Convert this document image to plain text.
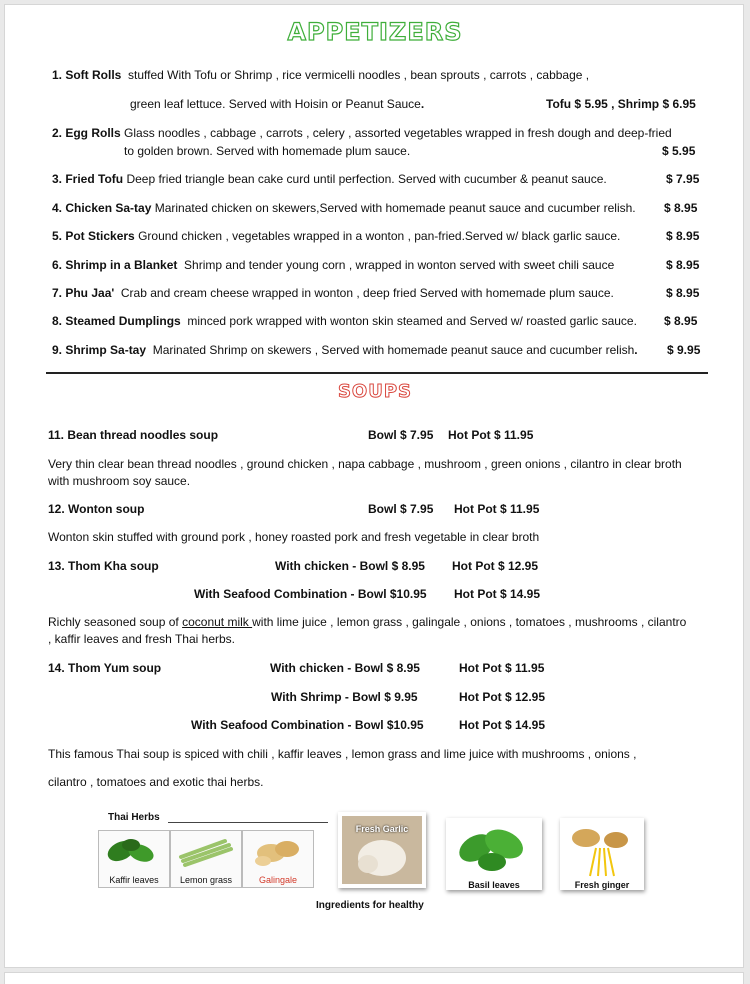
APPETIZERS
1. Soft Rolls stuffed With Tofu or Shrimp , rice vermicelli noodles , bean sprouts , carrots , cabbage ,
green leaf lettuce. Served with Hoisin or Peanut Sauce.	Tofu $ 5.95 , Shrimp $ 6.95
2. Egg Rolls Glass noodles , cabbage , carrots , celery , assorted vegetables wrapped in fresh dough and deep-fried
to golden brown. Served with homemade plum sauce.	$ 5.95
3. Fried Tofu Deep fried triangle bean cake curd until perfection. Served with cucumber & peanut sauce.	$ 7.95
4. Chicken Sa-tay Marinated chicken on skewers,Served with homemade peanut sauce and cucumber relish. $ 8.95
5. Pot Stickers Ground chicken , vegetables wrapped in a wonton , pan-fried.Served w/ black garlic sauce.	$ 8.95
6. Shrimp in a Blanket Shrimp and tender young corn , wrapped in wonton served with sweet chili sauce	$ 8.95
7. Phu Jaa' Crab and cream cheese wrapped in wonton , deep fried Served with homemade plum sauce.	$ 8.95
8. Steamed Dumplings minced pork wrapped with wonton skin steamed and Served w/ roasted garlic sauce. $ 8.95
9. Shrimp Sa-tay Marinated Shrimp on skewers , Served with homemade peanut sauce and cucumber relish. $ 9.95
SOUPS
11. Bean thread noodles soup	Bowl $ 7.95 Hot Pot $ 11.95
Very thin clear bean thread noodles , ground chicken , napa cabbage , mushroom , green onions , cilantro in clear broth with mushroom soy sauce.
12. Wonton soup	Bowl $ 7.95 Hot Pot $ 11.95
Wonton skin stuffed with ground pork , honey roasted pork and fresh vegetable in clear broth
13. Thom Kha soup	With chicken - Bowl $ 8.95 Hot Pot $ 12.95
With Seafood Combination - Bowl $10.95 Hot Pot $ 14.95
Richly seasoned soup of coconut milk with lime juice , lemon grass , galingale , onions , tomatoes , mushrooms , cilantro , kaffir leaves and fresh Thai herbs.
14. Thom Yum soup	With chicken - Bowl $ 8.95	Hot Pot $ 11.95
With Shrimp - Bowl $ 9.95	Hot Pot $ 12.95
With Seafood Combination - Bowl $10.95	Hot Pot $ 14.95
This famous Thai soup is spiced with chili , kaffir leaves , lemon grass and lime juice with mushrooms , onions ,
cilantro , tomatoes and exotic thai herbs.
Thai Herbs
Kaffir leaves	Lemon grass	Galingale
Fresh Garlic
Basil leaves	Fresh ginger
Ingredients for healthy
